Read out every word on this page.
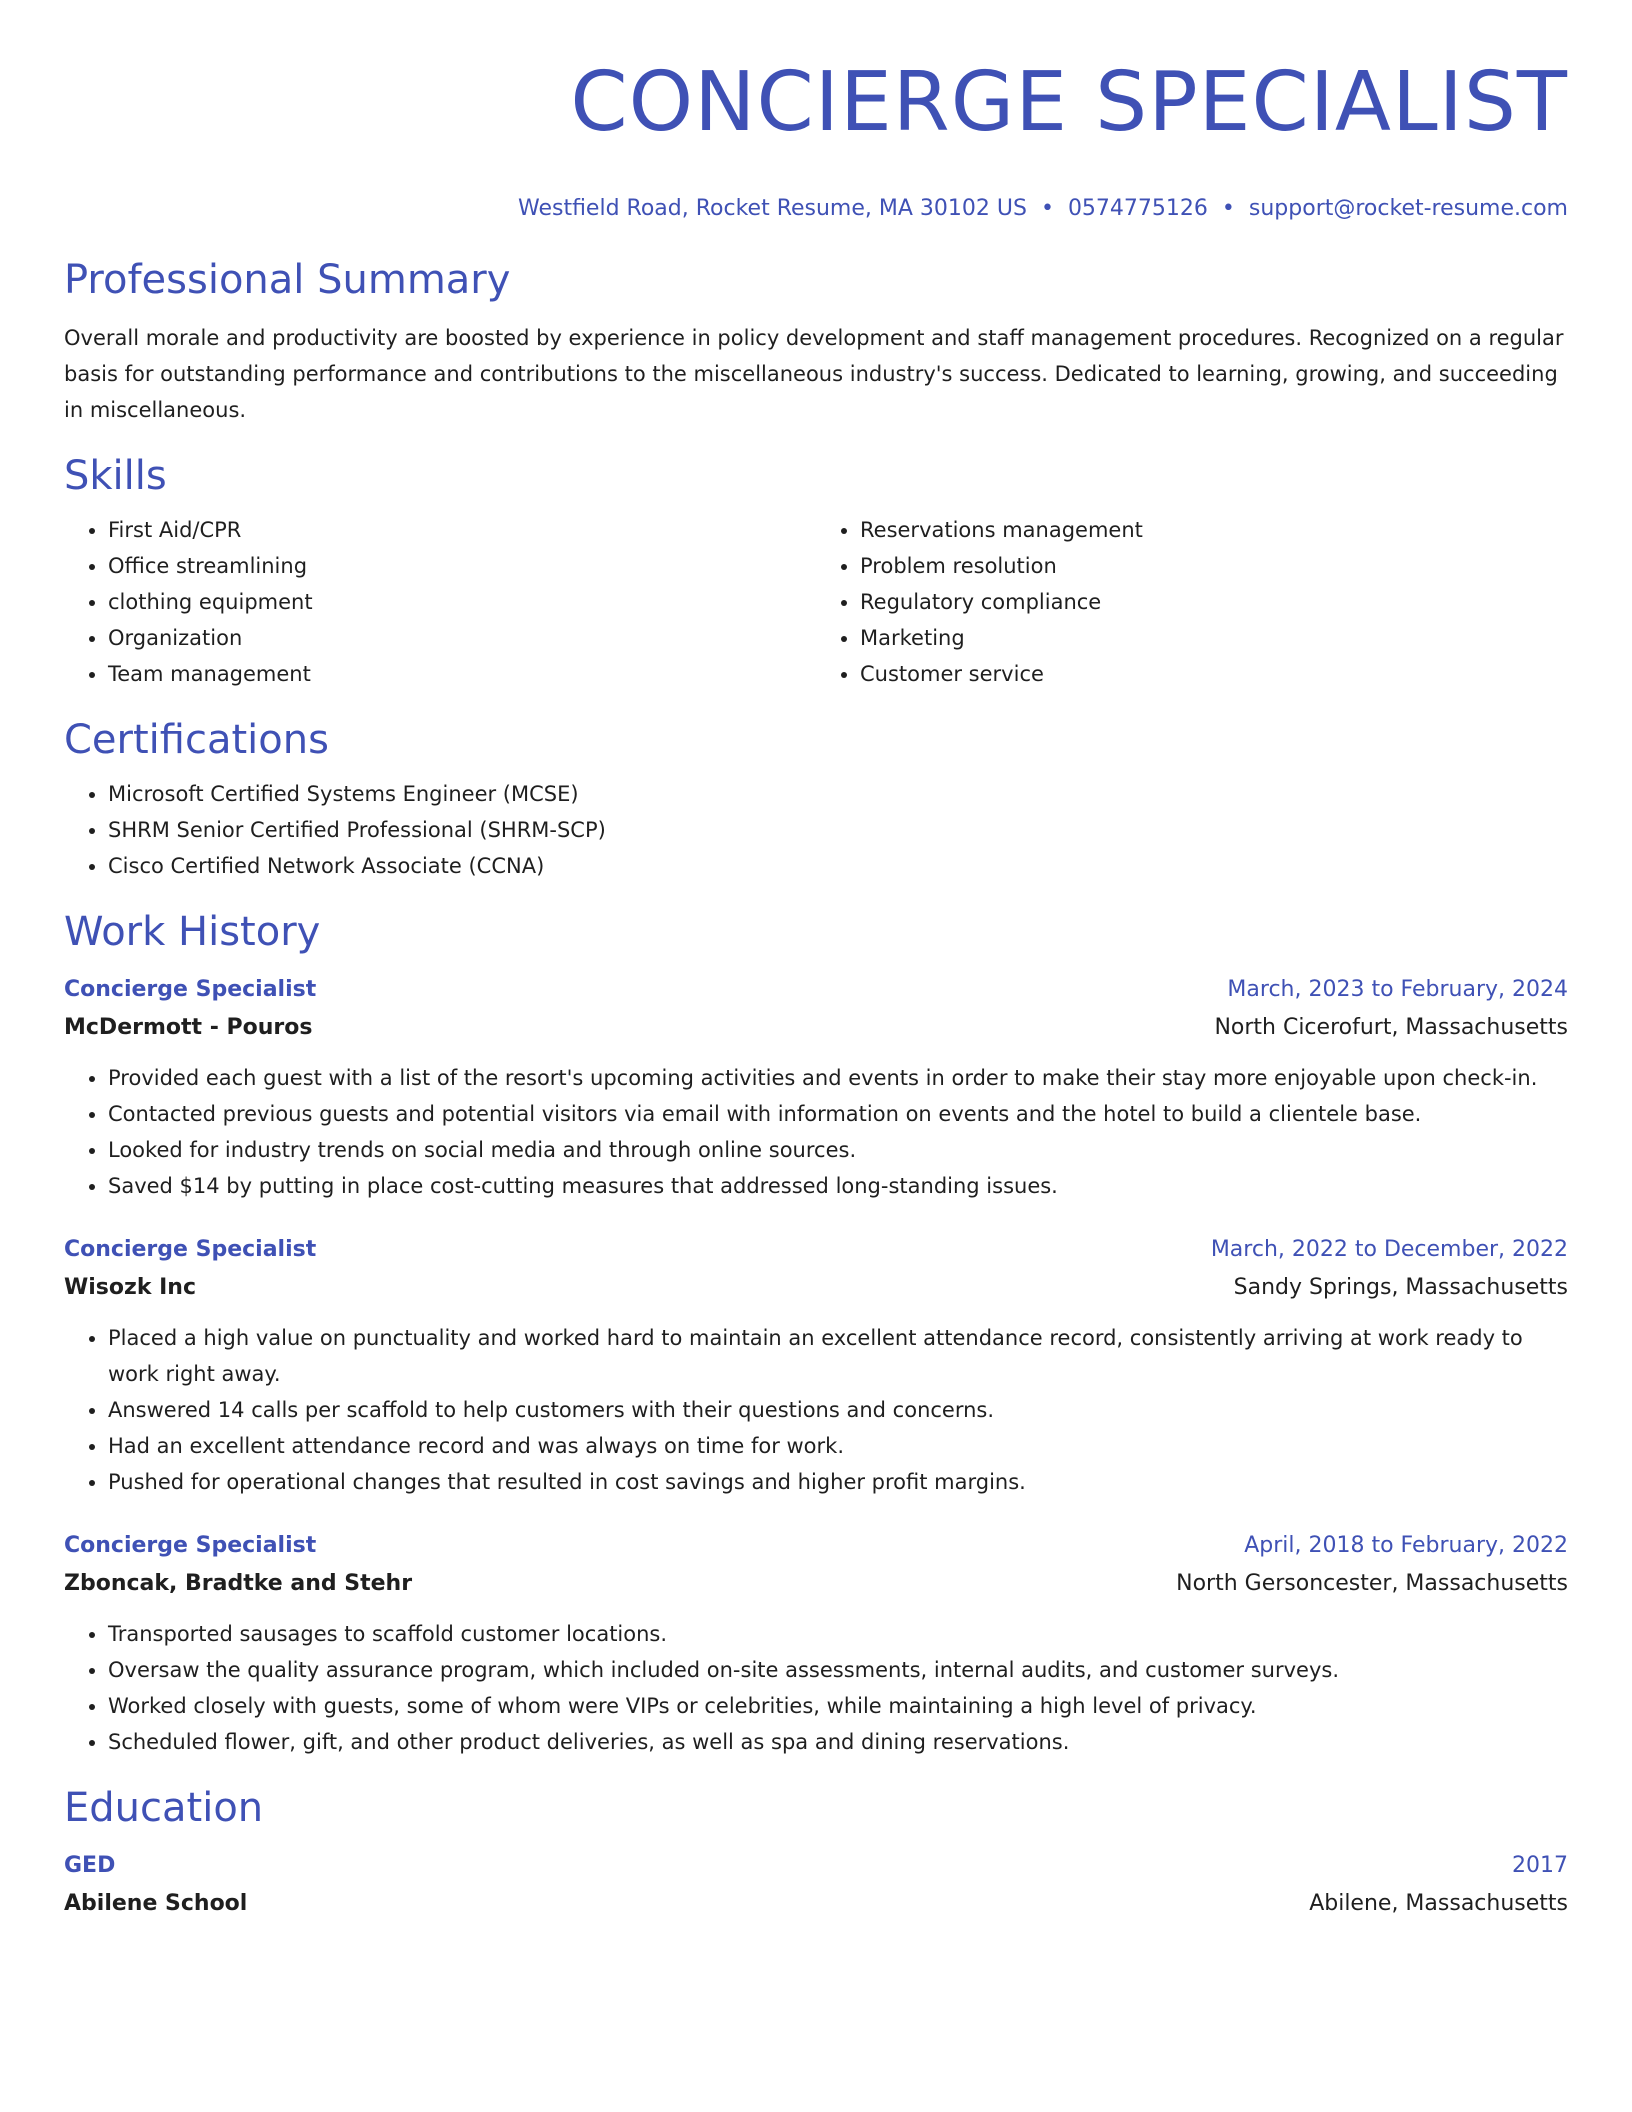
CONCIERGE SPECIALIST
Westfield Road, Rocket Resume, MA 30102 US • 0574775126 • support@rocket-resume.com
Professional Summary
Overall morale and productivity are boosted by experience in policy development and staff management procedures. Recognized on a regular basis for outstanding performance and contributions to the miscellaneous industry's success. Dedicated to learning, growing, and succeeding in miscellaneous.
Skills
• First Aid/CPR
• Office streamlining
• clothing equipment
• Organization
• Team management
• Reservations management
• Problem resolution
• Regulatory compliance
• Marketing
• Customer service
Certifications
• Microsoft Certified Systems Engineer (MCSE)
• SHRM Senior Certified Professional (SHRM-SCP)
• Cisco Certified Network Associate (CCNA)
Work History
Concierge Specialist	March, 2023 to February, 2024
McDermott - Pouros	North Cicerofurt, Massachusetts
• Provided each guest with a list of the resort's upcoming activities and events in order to make their stay more enjoyable upon check-in.
• Contacted previous guests and potential visitors via email with information on events and the hotel to build a clientele base.
• Looked for industry trends on social media and through online sources.
• Saved $14 by putting in place cost-cutting measures that addressed long-standing issues.
Concierge Specialist	March, 2022 to December, 2022
Wisozk Inc	Sandy Springs, Massachusetts
• Placed a high value on punctuality and worked hard to maintain an excellent attendance record, consistently arriving at work ready to work right away.
• Answered 14 calls per scaffold to help customers with their questions and concerns.
• Had an excellent attendance record and was always on time for work.
• Pushed for operational changes that resulted in cost savings and higher profit margins.
Concierge Specialist	April, 2018 to February, 2022
Zboncak, Bradtke and Stehr	North Gersoncester, Massachusetts
• Transported sausages to scaffold customer locations.
• Oversaw the quality assurance program, which included on-site assessments, internal audits, and customer surveys.
• Worked closely with guests, some of whom were VIPs or celebrities, while maintaining a high level of privacy.
• Scheduled flower, gift, and other product deliveries, as well as spa and dining reservations.
Education
GED	2017
Abilene School	Abilene, Massachusetts
